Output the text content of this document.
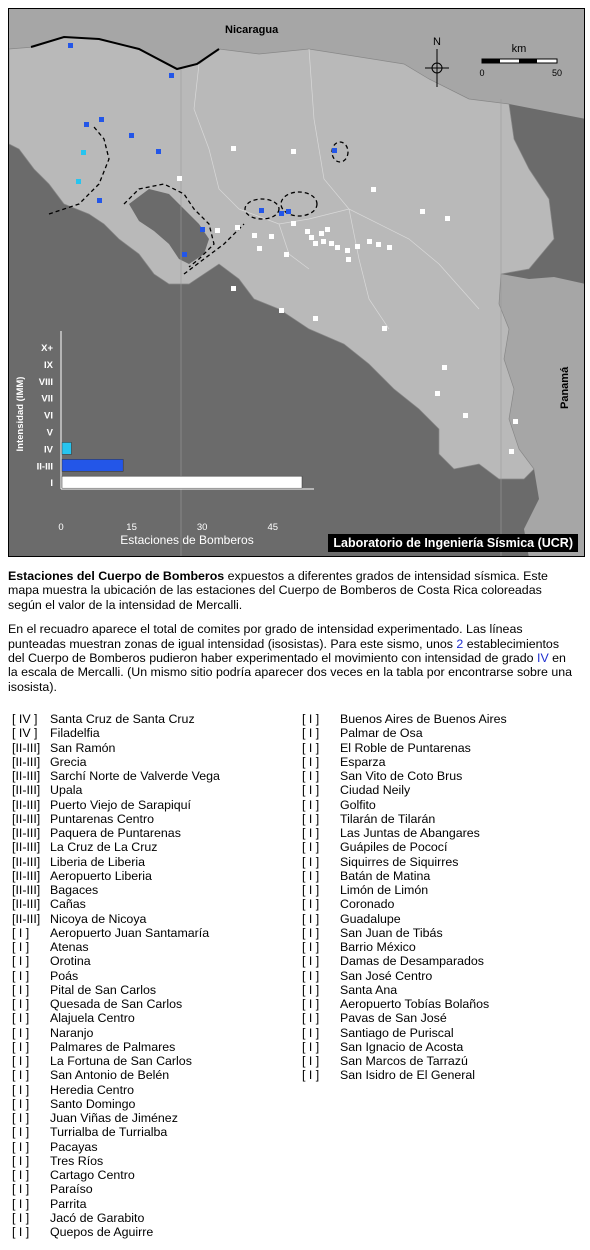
N
km
0	50
Intensidad (IMM)
X+
IX
VIII
VII
VI
V
IV
II-III
I
0	15	30	45
Estaciones de Bomberos
Nicaragua
Panamá
Laboratorio de Ingeniería Sísmica (UCR)

Estaciones del Cuerpo de Bomberos expuestos a diferentes grados de intensidad sísmica. Este mapa muestra la ubicación de las estaciones del Cuerpo de Bomberos de Costa Rica coloreadas según el valor de la intensidad de Mercalli.

En el recuadro aparece el total de comites por grado de intensidad experimentado. Las líneas punteadas muestran zonas de igual intensidad (isosistas). Para este sismo, unos 2 establecimientos del Cuerpo de Bomberos pudieron haber experimentado el movimiento con intensidad de grado IV en la escala de Mercalli. (Un mismo sitio podría aparecer dos veces en la tabla por encontrarse sobre una isosista).

[ IV ] Santa Cruz de Santa Cruz
[ IV ] Filadelfia
[II-III] San Ramón
[II-III] Grecia
[II-III] Sarchí Norte de Valverde Vega
[II-III] Upala
[II-III] Puerto Viejo de Sarapiquí
[II-III] Puntarenas Centro
[II-III] Paquera de Puntarenas
[II-III] La Cruz de La Cruz
[II-III] Liberia de Liberia
[II-III] Aeropuerto Liberia
[II-III] Bagaces
[II-III] Cañas
[II-III] Nicoya de Nicoya
[ I ] Aeropuerto Juan Santamaría
[ I ] Atenas
[ I ] Orotina
[ I ] Poás
[ I ] Pital de San Carlos
[ I ] Quesada de San Carlos
[ I ] Alajuela Centro
[ I ] Naranjo
[ I ] Palmares de Palmares
[ I ] La Fortuna de San Carlos
[ I ] San Antonio de Belén
[ I ] Heredia Centro
[ I ] Santo Domingo
[ I ] Juan Viñas de Jiménez
[ I ] Turrialba de Turrialba
[ I ] Pacayas
[ I ] Tres Ríos
[ I ] Cartago Centro
[ I ] Paraíso
[ I ] Parrita
[ I ] Jacó de Garabito
[ I ] Quepos de Aguirre
[ I ] Buenos Aires de Buenos Aires
[ I ] Palmar de Osa
[ I ] El Roble de Puntarenas
[ I ] Esparza
[ I ] San Vito de Coto Brus
[ I ] Ciudad Neily
[ I ] Golfito
[ I ] Tilarán de Tilarán
[ I ] Las Juntas de Abangares
[ I ] Guápiles de Pococí
[ I ] Siquirres de Siquirres
[ I ] Batán de Matina
[ I ] Limón de Limón
[ I ] Coronado
[ I ] Guadalupe
[ I ] San Juan de Tibás
[ I ] Barrio México
[ I ] Damas de Desamparados
[ I ] San José Centro
[ I ] Santa Ana
[ I ] Aeropuerto Tobías Bolaños
[ I ] Pavas de San José
[ I ] Santiago de Puriscal
[ I ] San Ignacio de Acosta
[ I ] San Marcos de Tarrazú
[ I ] San Isidro de El General
